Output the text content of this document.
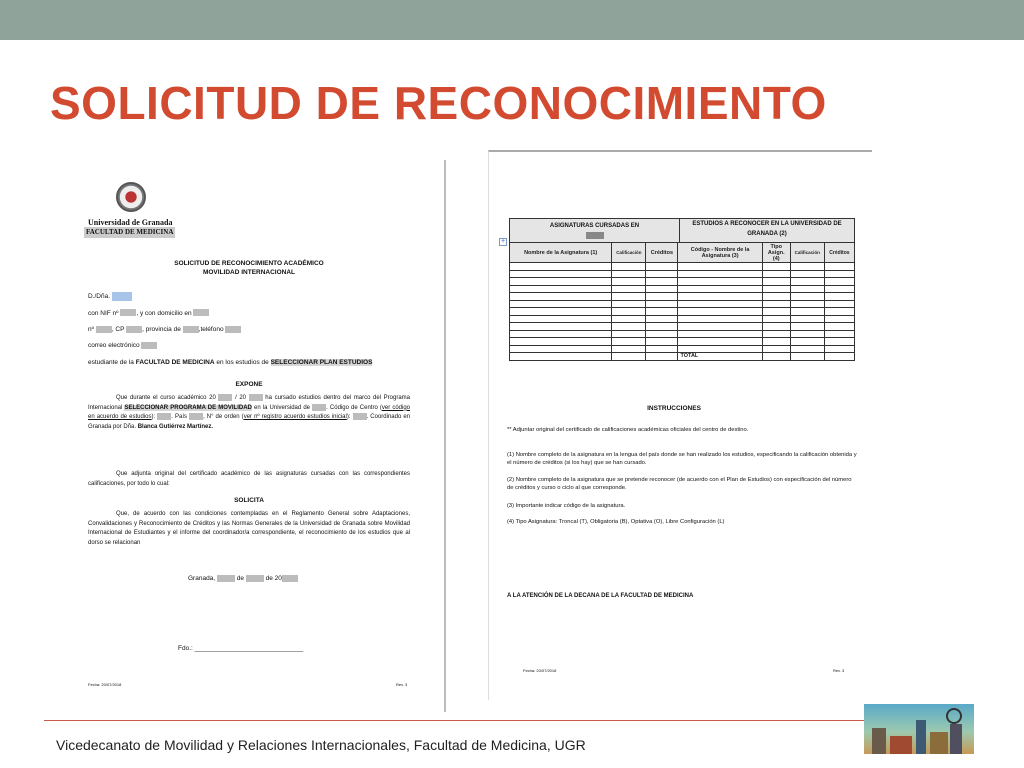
SOLICITUD DE RECONOCIMIENTO
Universidad de Granada
FACULTAD DE MEDICINA
SOLICITUD DE RECONOCIMIENTO ACADÉMICO
MOVILIDAD INTERNACIONAL
D./Dña.
con NIF nº	, y con domicilio en
nº	, CP	, provincia de	,teléfono
correo electrónico
estudiante de la FACULTAD DE MEDICINA en los estudios de SELECCIONAR PLAN ESTUDIOS
EXPONE
Que durante el curso académico 20	/ 20	ha cursado estudios dentro del marco del Programa Internacional SELECCIONAR PROGRAMA DE MOVILIDAD en la Universidad de	. Código de Centro (ver código en acuerdo de estudios):	. País	, N° de orden (ver nº registro acuerdo estudios inicial):	. Coordinado en Granada por Dña. Blanca Gutiérrez Martínez.
Que adjunta original del certificado académico de las asignaturas cursadas con las correspondientes calificaciones, por todo lo cual:
SOLICITA
Que, de acuerdo con las condiciones contempladas en el Reglamento General sobre Adaptaciones, Convalidaciones y Reconocimiento de Créditos y las Normas Generales de la Universidad de Granada sobre Movilidad Internacional de Estudiantes y el informe del coordinador/a correspondiente, el reconocimiento de los estudios que al dorso se relacionan
Granada,	de	de 20
Fdo.: ______________________________
Fecha: 20/07/2018	Rev. 3
+
ASIGNATURAS CURSADAS EN	ESTUDIOS A RECONOCER EN LA UNIVERSIDAD DE GRANADA (2)
Nombre de la Asignatura (1)	Calificación	Créditos	Código - Nombre de la Asignatura (3)	Tipo Asign. (4)	Calificación	Créditos

			TOTAL			
INSTRUCCIONES
** Adjuntar original del certificado de calificaciones académicas oficiales del centro de destino.
(1) Nombre completo de la asignatura en la lengua del país donde se han realizado los estudios, especificando la calificación obtenida y el número de créditos (si los hay) que se han cursado.
(2) Nombre completo de la asignatura que se pretende reconocer (de acuerdo con el Plan de Estudios) con especificación del número de créditos y curso o ciclo al que corresponde.
(3) Importante indicar código de la asignatura.
(4) Tipo Asignatura: Troncal (T), Obligatoria (B), Optativa (O), Libre Configuración (L)
A LA ATENCIÓN DE LA DECANA DE LA FACULTAD DE MEDICINA
Fecha: 20/07/2018	Rev. 3
Vicedecanato de Movilidad y Relaciones Internacionales, Facultad de Medicina, UGR
